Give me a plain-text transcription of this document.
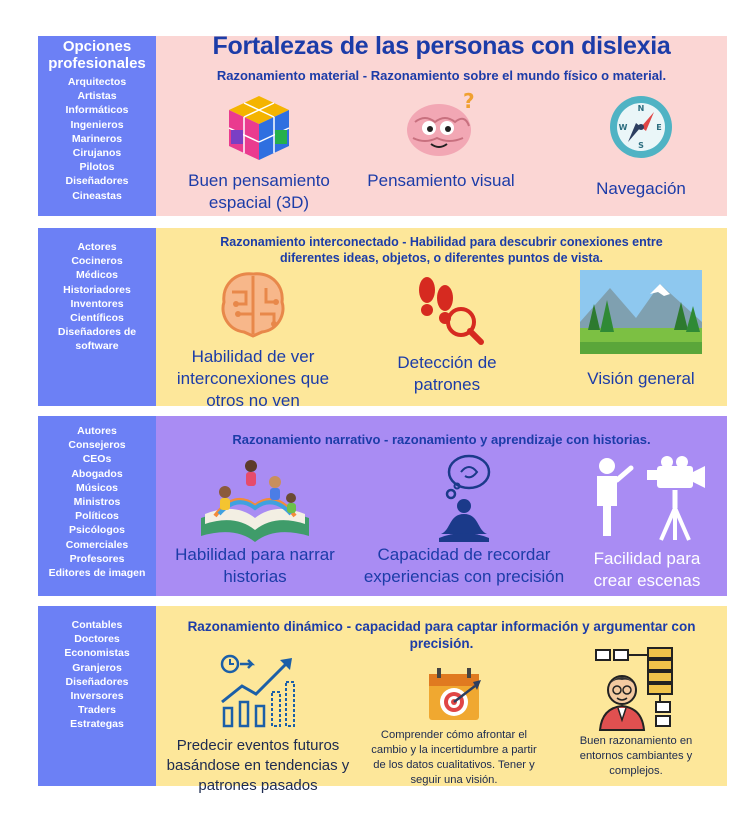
Opciones profesionales
Arquitectos
Artistas
Informáticos
Ingenieros
Marineros
Cirujanos
Pilotos
Diseñadores
Cineastas
Fortalezas de las personas con dislexia
Razonamiento material - Razonamiento sobre el mundo físico o material.
Buen pensamiento espacial (3D)
?
Pensamiento visual
N
E
S
W
Navegación
Actores
Cocineros
Médicos
Historiadores
Inventores
Científicos
Diseñadores de software
Razonamiento interconectado - Habilidad para descubrir conexiones entre diferentes ideas, objetos, o diferentes puntos de vista.
Habilidad de ver interconexiones que otros no ven
Detección de patrones	Visión general
Autores
Consejeros
CEOs
Abogados
Músicos
Ministros
Políticos
Psicólogos
Comerciales
Profesores
Editores de imagen
Razonamiento narrativo - razonamiento y aprendizaje con historias.
Habilidad para narrar historias
Capacidad de recordar experiencias con precisión
Facilidad para crear escenas
Contables
Doctores
Economistas
Granjeros
Diseñadores
Inversores
Traders
Estrategas
Razonamiento dinámico - capacidad para captar información y argumentar con precisión.
Predecir eventos futuros basándose en tendencias y patrones pasados
Comprender cómo afrontar el cambio y la incertidumbre a partir de los datos cualitativos. Tener y seguir una visión.
Buen razonamiento en entornos cambiantes y complejos.
